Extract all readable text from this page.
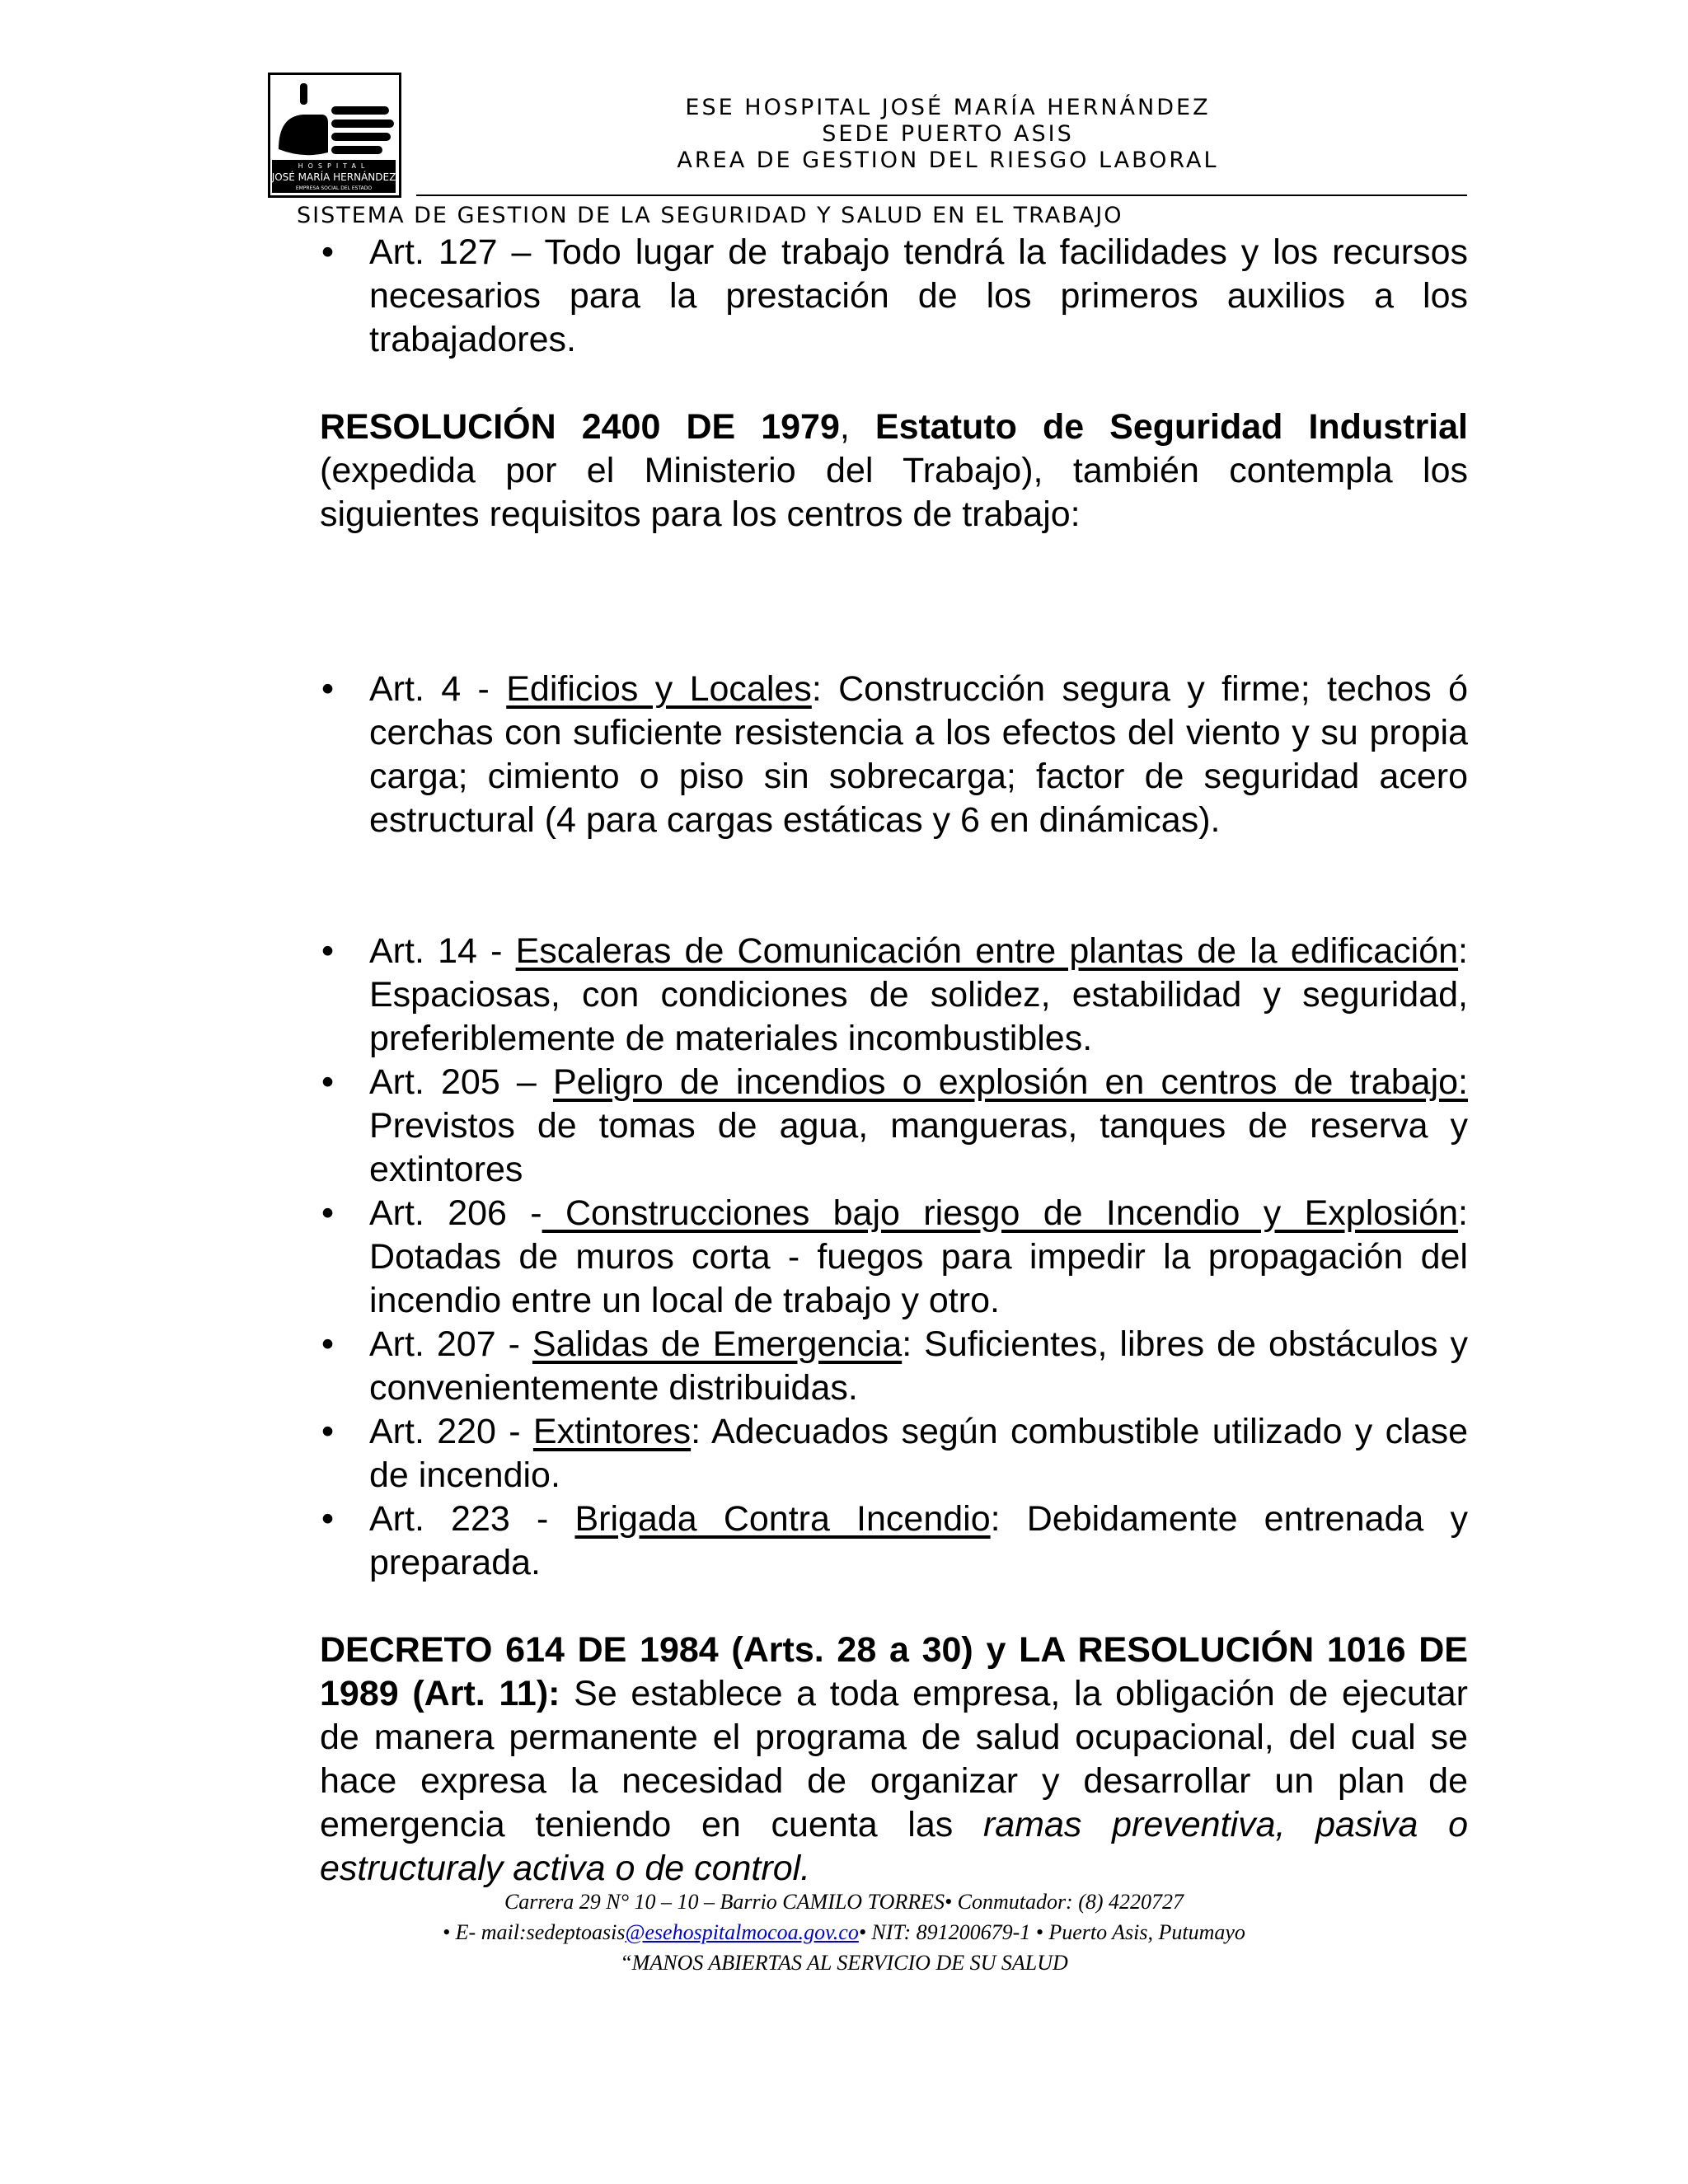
HOSPITAL
JOSÉ MARÍA HERNÁNDEZ
EMPRESA SOCIAL DEL ESTADO
ESE HOSPITAL JOSÉ MARÍA HERNÁNDEZ
SEDE PUERTO ASIS
AREA DE GESTION DEL RIESGO LABORAL
SISTEMA DE GESTION DE LA SEGURIDAD Y SALUD EN EL TRABAJO
• Art. 127 – Todo lugar de trabajo tendrá la facilidades y los recursos necesarios para la prestación de los primeros auxilios a los trabajadores.
RESOLUCIÓN 2400 DE 1979, Estatuto de Seguridad Industrial (expedida por el Ministerio del Trabajo), también contempla los siguientes requisitos para los centros de trabajo:
• Art. 4 - Edificios y Locales: Construcción segura y firme; techos ó cerchas con suficiente resistencia a los efectos del viento y su propia carga; cimiento o piso sin sobrecarga; factor de seguridad acero estructural (4 para cargas estáticas y 6 en dinámicas).
• Art. 14 - Escaleras de Comunicación entre plantas de la edificación: Espaciosas, con condiciones de solidez, estabilidad y seguridad, preferiblemente de materiales incombustibles.
• Art. 205 – Peligro de incendios o explosión en centros de trabajo: Previstos de tomas de agua, mangueras, tanques de reserva y extintores
• Art. 206 - Construcciones bajo riesgo de Incendio y Explosión: Dotadas de muros corta - fuegos para impedir la propagación del incendio entre un local de trabajo y otro.
• Art. 207 - Salidas de Emergencia: Suficientes, libres de obstáculos y convenientemente distribuidas.
• Art. 220 - Extintores: Adecuados según combustible utilizado y clase de incendio.
• Art. 223 - Brigada Contra Incendio: Debidamente entrenada y preparada.
DECRETO 614 DE 1984 (Arts. 28 a 30) y LA RESOLUCIÓN 1016 DE 1989 (Art. 11): Se establece a toda empresa, la obligación de ejecutar de manera permanente el programa de salud ocupacional, del cual se hace expresa la necesidad de organizar y desarrollar un plan de emergencia teniendo en cuenta las ramas preventiva, pasiva o estructuraly activa o de control.
Carrera 29 N° 10 – 10 – Barrio CAMILO TORRES• Conmutador: (8) 4220727
• E- mail:sedeptoasis@esehospitalmocoa.gov.co• NIT: 891200679-1 • Puerto Asis, Putumayo
“MANOS ABIERTAS AL SERVICIO DE SU SALUD
